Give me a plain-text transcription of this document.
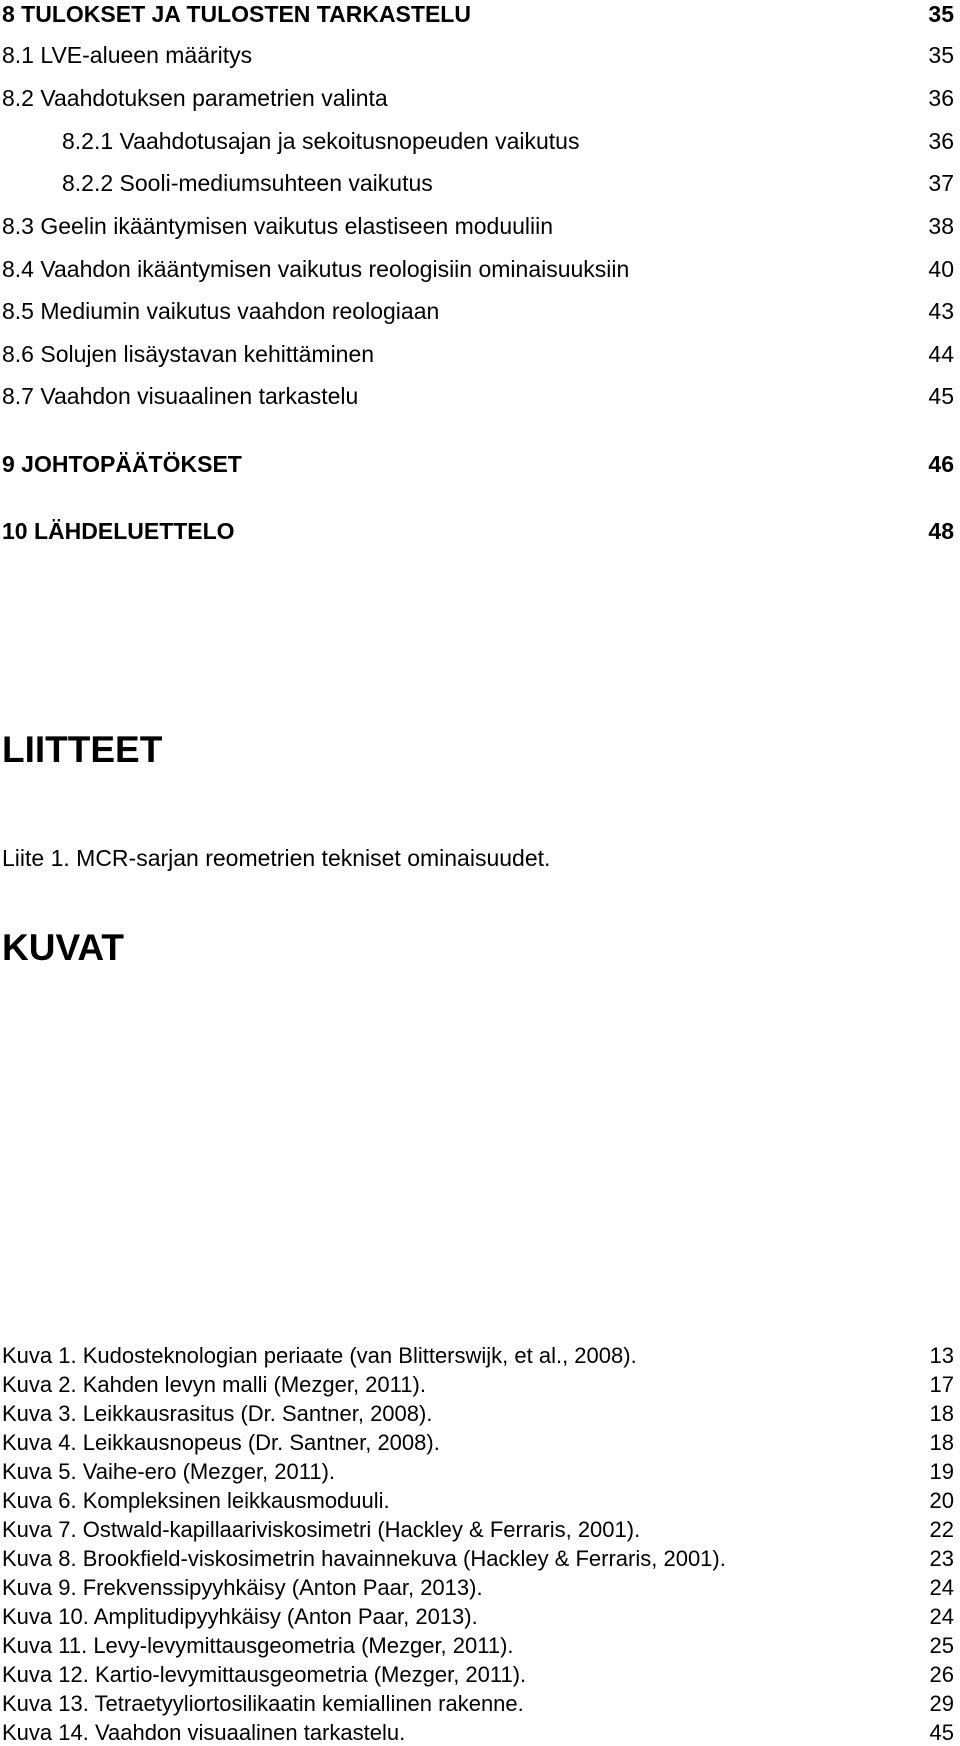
8 TULOKSET JA TULOSTEN TARKASTELU	35
8.1 LVE-alueen määritys	35
8.2 Vaahdotuksen parametrien valinta	36
8.2.1 Vaahdotusajan ja sekoitusnopeuden vaikutus	36
8.2.2 Sooli-mediumsuhteen vaikutus	37
8.3 Geelin ikääntymisen vaikutus elastiseen moduuliin	38
8.4 Vaahdon ikääntymisen vaikutus reologisiin ominaisuuksiin	40
8.5 Mediumin vaikutus vaahdon reologiaan	43
8.6 Solujen lisäystavan kehittäminen	44
8.7 Vaahdon visuaalinen tarkastelu	45
9 JOHTOPÄÄTÖKSET	46
10 LÄHDELUETTELO	48
LIITTEET
Liite 1. MCR-sarjan reometrien tekniset ominaisuudet.
KUVAT
Kuva 1. Kudosteknologian periaate (van Blitterswijk, et al., 2008).	13
Kuva 2. Kahden levyn malli (Mezger, 2011).	17
Kuva 3. Leikkausrasitus (Dr. Santner, 2008).	18
Kuva 4. Leikkausnopeus (Dr. Santner, 2008).	18
Kuva 5. Vaihe-ero (Mezger, 2011).	19
Kuva 6. Kompleksinen leikkausmoduuli.	20
Kuva 7. Ostwald-kapillaariviskosimetri (Hackley & Ferraris, 2001).	22
Kuva 8. Brookfield-viskosimetrin havainnekuva (Hackley & Ferraris, 2001).	23
Kuva 9. Frekvenssipyyhkäisy (Anton Paar, 2013).	24
Kuva 10. Amplitudipyyhkäisy (Anton Paar, 2013).	24
Kuva 11. Levy-levymittausgeometria (Mezger, 2011).	25
Kuva 12. Kartio-levymittausgeometria (Mezger, 2011).	26
Kuva 13. Tetraetyyliortosilikaatin kemiallinen rakenne.	29
Kuva 14. Vaahdon visuaalinen tarkastelu.	45
